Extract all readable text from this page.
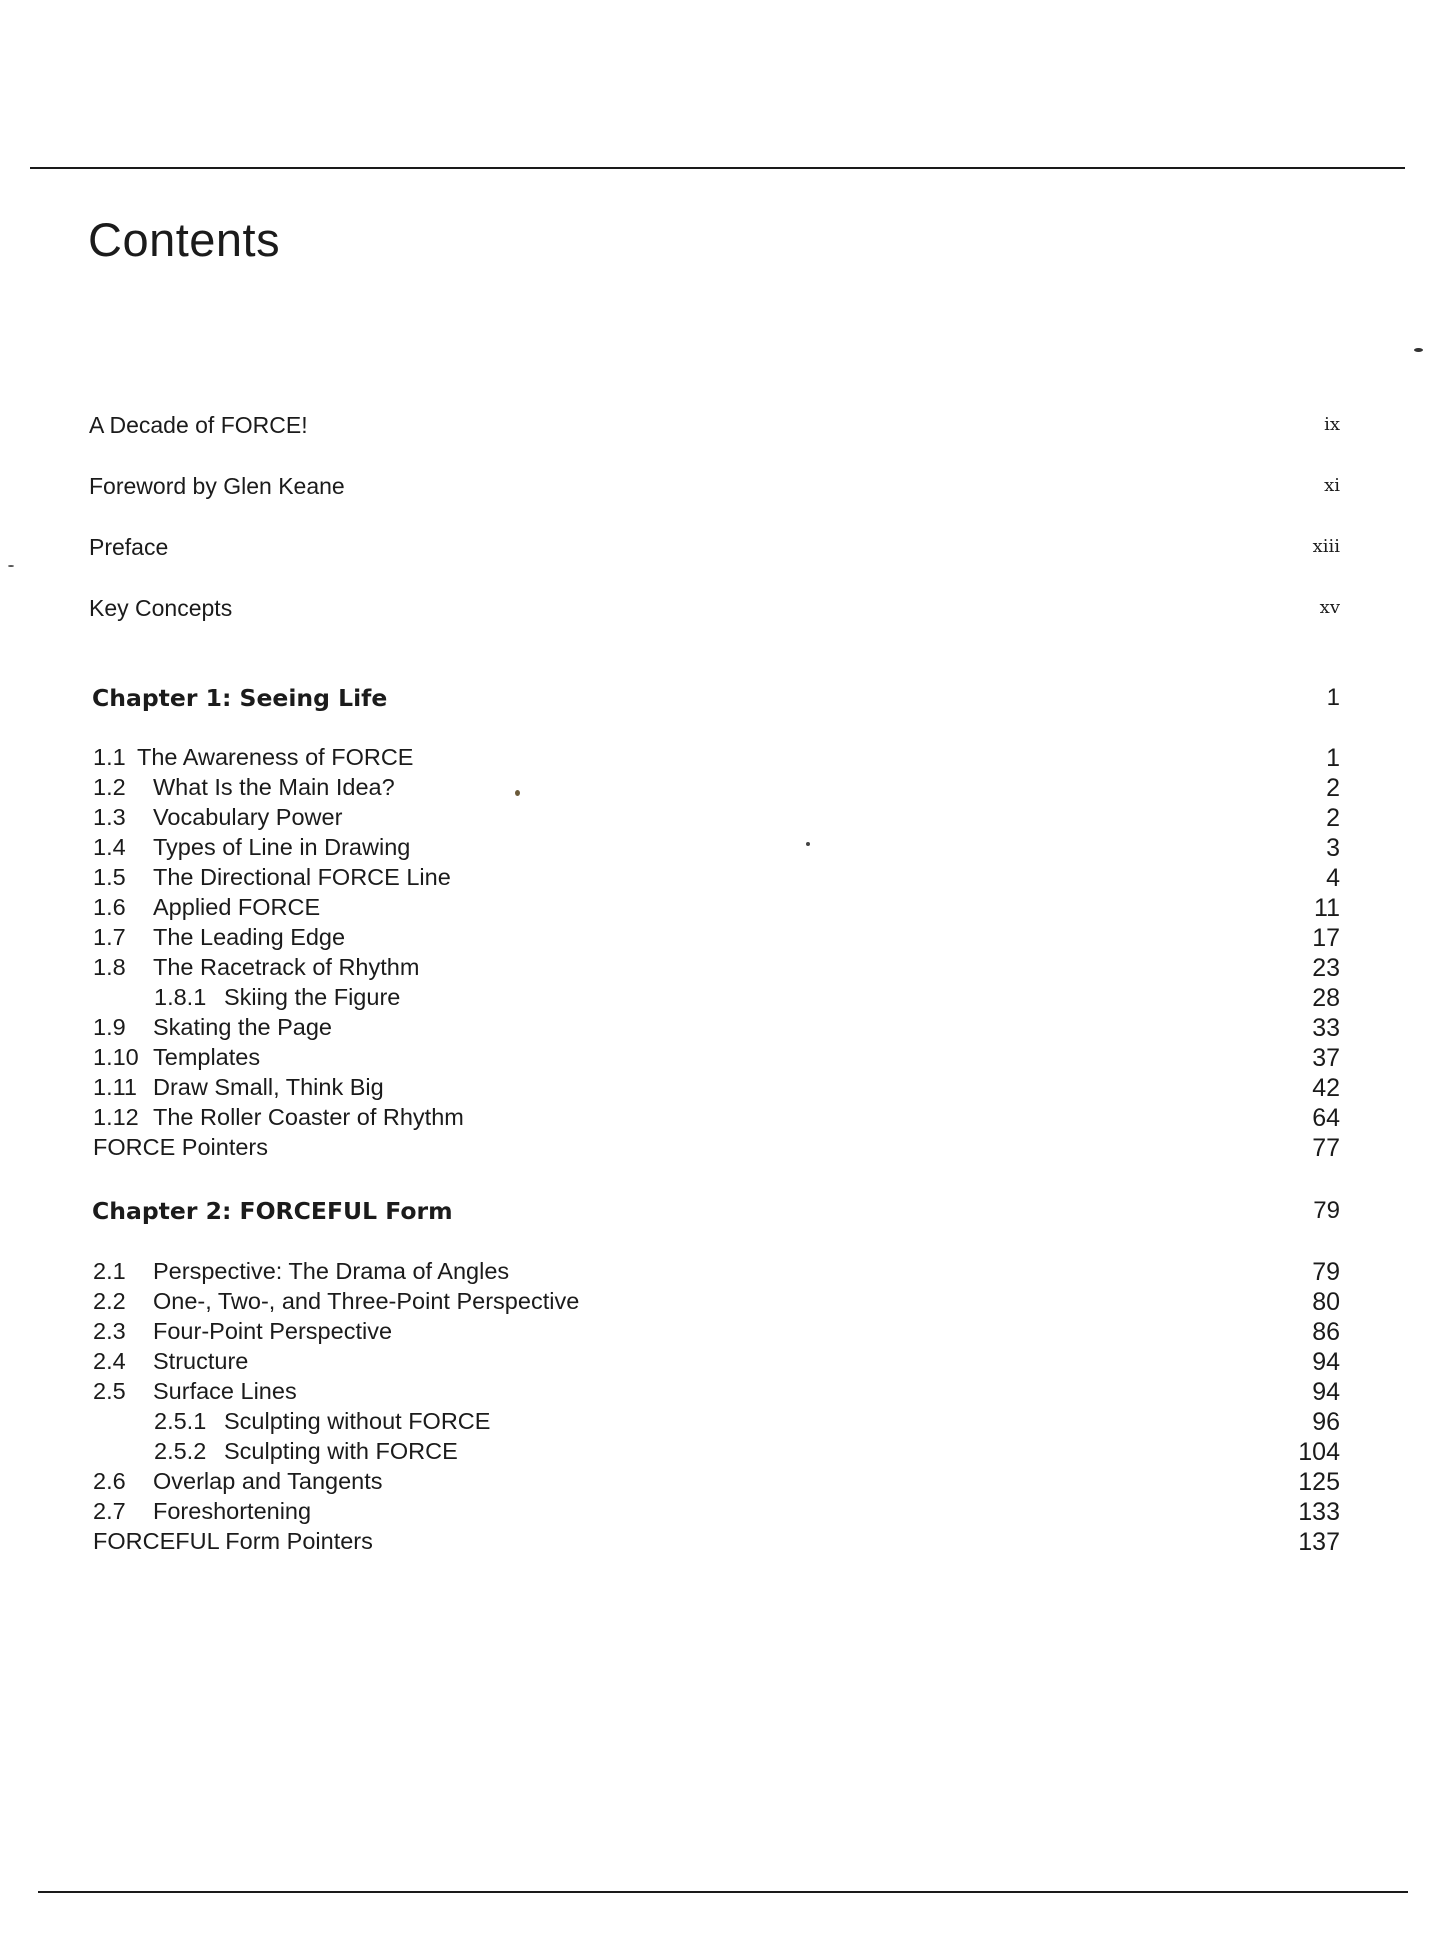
Contents
A Decade of FORCE!	ix
Foreword by Glen Keane	xi
Preface	xiii
Key Concepts	xv
Chapter 1: Seeing Life	1
1.1 The Awareness of FORCE	1
1.2 What Is the Main Idea?	2
1.3 Vocabulary Power	2
1.4 Types of Line in Drawing	3
1.5 The Directional FORCE Line	4
1.6 Applied FORCE	11
1.7 The Leading Edge	17
1.8 The Racetrack of Rhythm	23
1.8.1 Skiing the Figure	28
1.9 Skating the Page	33
1.10 Templates	37
1.11 Draw Small, Think Big	42
1.12 The Roller Coaster of Rhythm	64
FORCE Pointers	77
Chapter 2: FORCEFUL Form	79
2.1 Perspective: The Drama of Angles	79
2.2 One-, Two-, and Three-Point Perspective	80
2.3 Four-Point Perspective	86
2.4 Structure	94
2.5 Surface Lines	94
2.5.1 Sculpting without FORCE	96
2.5.2 Sculpting with FORCE	104
2.6 Overlap and Tangents	125
2.7 Foreshortening	133
FORCEFUL Form Pointers	137
